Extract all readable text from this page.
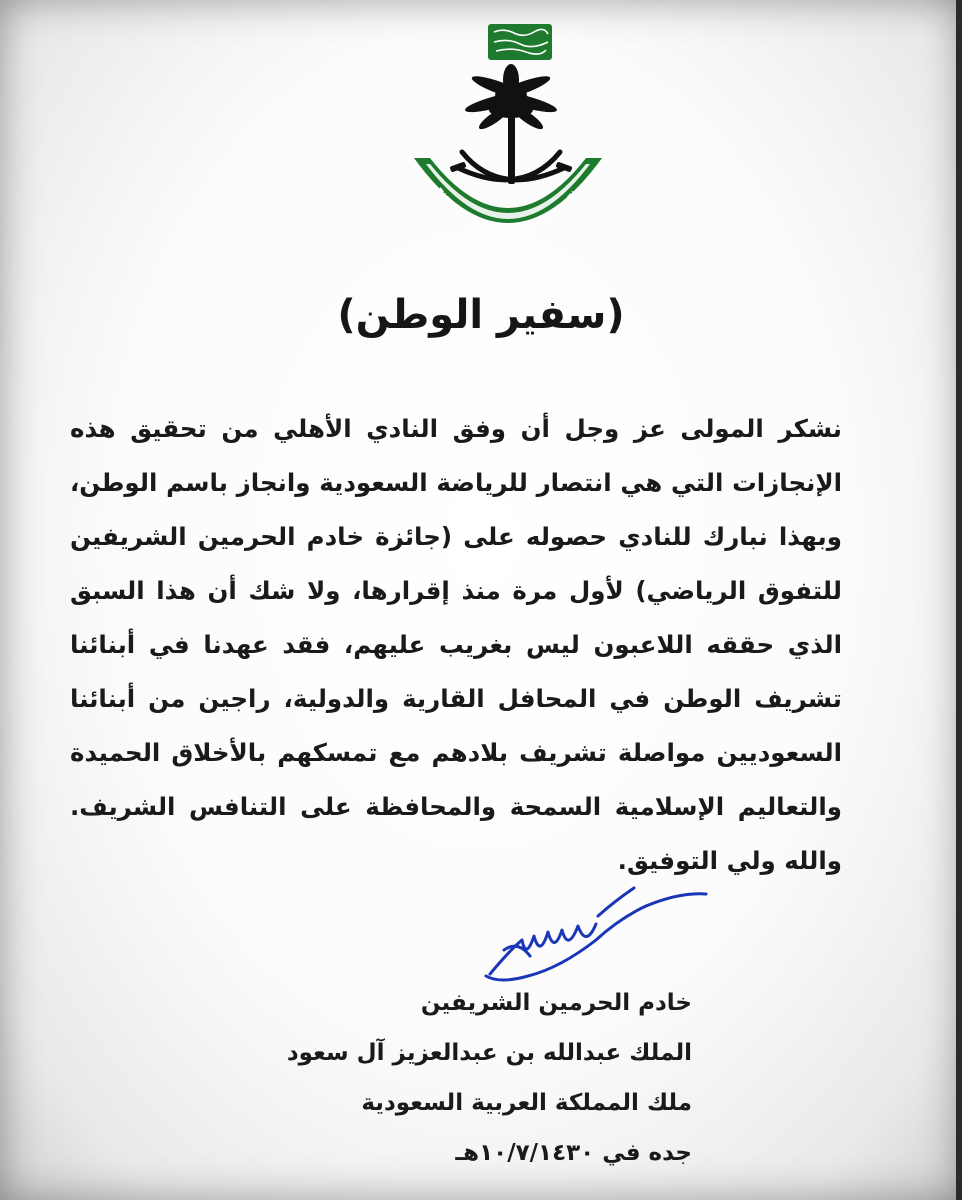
(سفير الوطن)
نشكر المولى عز وجل أن وفق النادي الأهلي من تحقيق هذه الإنجازات التي هي انتصار للرياضة السعودية وانجاز باسم الوطن، وبهذا نبارك للنادي حصوله على (جائزة خادم الحرمين الشريفين للتفوق الرياضي) لأول مرة منذ إقرارها، ولا شك أن هذا السبق الذي حققه اللاعبون ليس بغريب عليهم، فقد عهدنا في أبنائنا تشريف الوطن في المحافل القارية والدولية، راجين من أبنائنا السعوديين مواصلة تشريف بلادهم مع تمسكهم بالأخلاق الحميدة والتعاليم الإسلامية السمحة والمحافظة على التنافس الشريف. والله ولي التوفيق.
خادم الحرمين الشريفين
الملك عبدالله بن عبدالعزيز آل سعود
ملك المملكة العربية السعودية
جده في ١٠/٧/١٤٣٠هـ
